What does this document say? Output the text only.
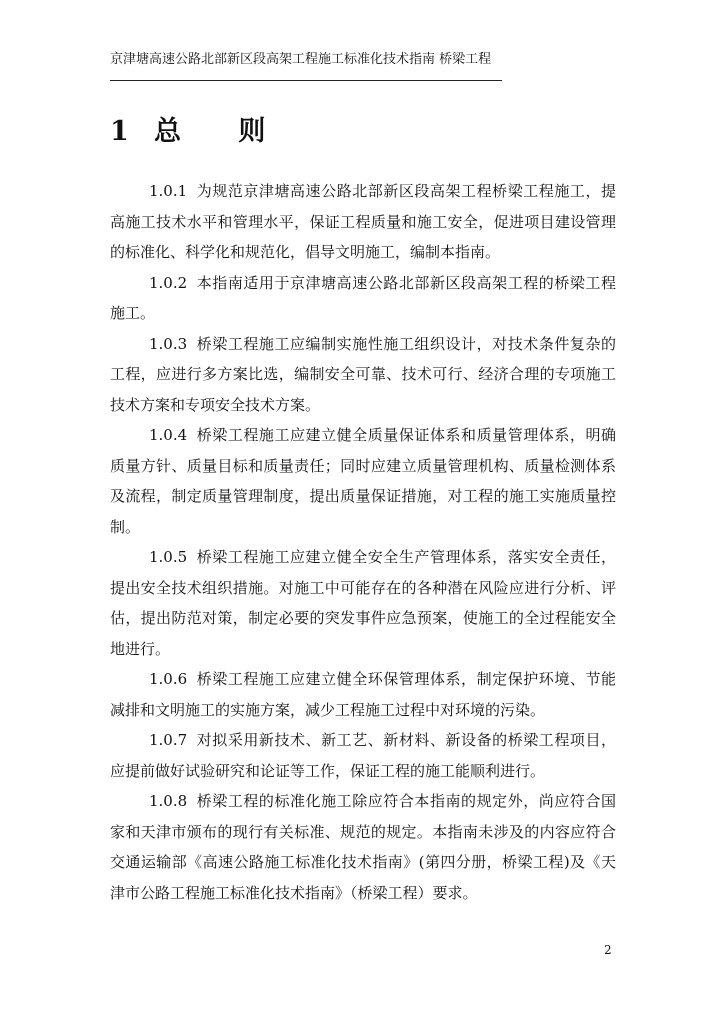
京津塘高速公路北部新区段高架工程施工标准化技术指南 桥梁工程
1 总 则

1.0.1 为规范京津塘高速公路北部新区段高架工程桥梁工程施工，提高施工技术水平和管理水平，保证工程质量和施工安全，促进项目建设管理的标准化、科学化和规范化，倡导文明施工，编制本指南。

1.0.2 本指南适用于京津塘高速公路北部新区段高架工程的桥梁工程施工。

1.0.3 桥梁工程施工应编制实施性施工组织设计，对技术条件复杂的工程，应进行多方案比选，编制安全可靠、技术可行、经济合理的专项施工技术方案和专项安全技术方案。

1.0.4 桥梁工程施工应建立健全质量保证体系和质量管理体系，明确质量方针、质量目标和质量责任；同时应建立质量管理机构、质量检测体系及流程，制定质量管理制度，提出质量保证措施，对工程的施工实施质量控制。

1.0.5 桥梁工程施工应建立健全安全生产管理体系，落实安全责任，提出安全技术组织措施。对施工中可能存在的各种潜在风险应进行分析、评估，提出防范对策，制定必要的突发事件应急预案，使施工的全过程能安全地进行。

1.0.6 桥梁工程施工应建立健全环保管理体系，制定保护环境、节能减排和文明施工的实施方案，减少工程施工过程中对环境的污染。

1.0.7 对拟采用新技术、新工艺、新材料、新设备的桥梁工程项目，应提前做好试验研究和论证等工作，保证工程的施工能顺利进行。

1.0.8 桥梁工程的标准化施工除应符合本指南的规定外，尚应符合国家和天津市颁布的现行有关标准、规范的规定。本指南未涉及的内容应符合交通运输部《高速公路施工标准化技术指南》(第四分册，桥梁工程)及《天津市公路工程施工标准化技术指南》（桥梁工程）要求。

2
